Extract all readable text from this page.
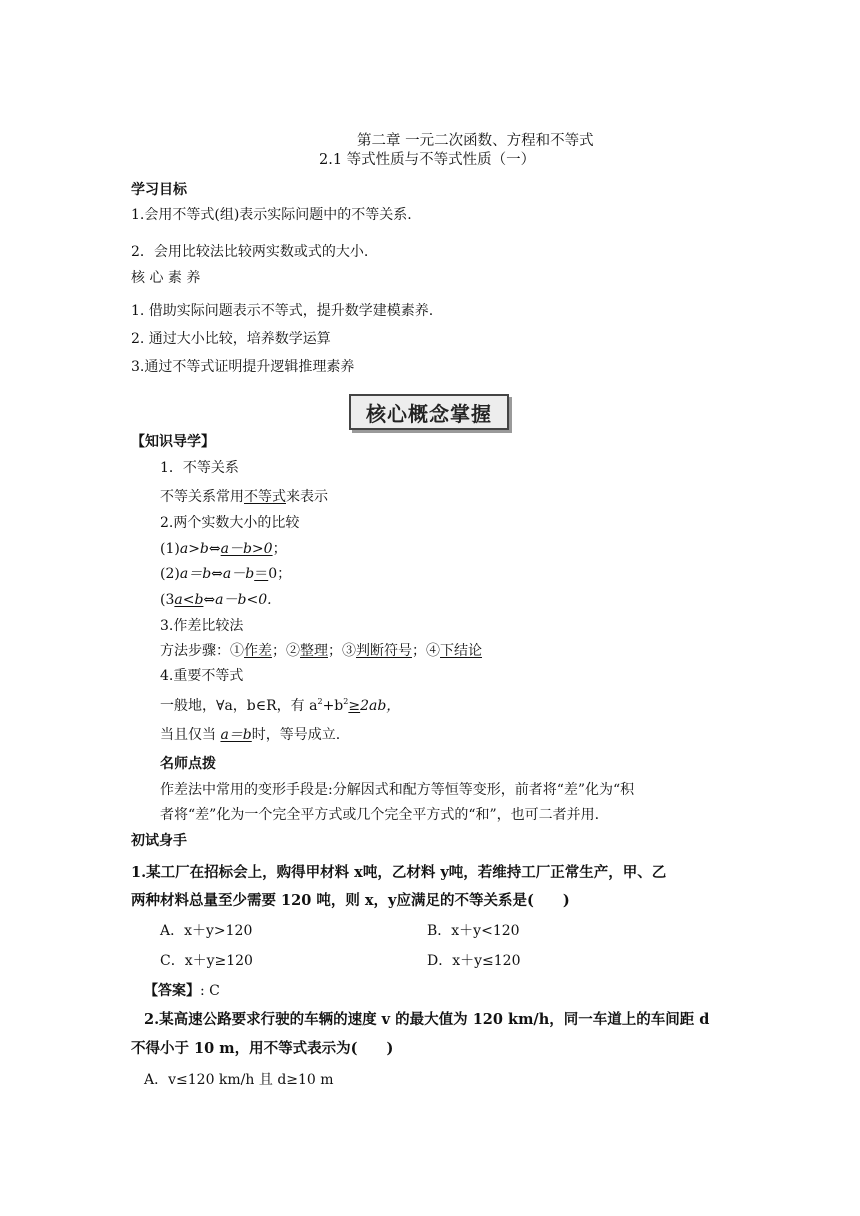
第二章 一元二次函数、方程和不等式
2.1 等式性质与不等式性质（一）
学习目标
1.会用不等式(组)表示实际问题中的不等关系.
2．会用比较法比较两实数或式的大小.
核 心 素 养
1. 借助实际问题表示不等式，提升数学建模素养.
2. 通过大小比较，培养数学运算
3.通过不等式证明提升逻辑推理素养
核心概念掌握
【知识导学】
1．不等关系
不等关系常用不等式来表示
2.两个实数大小的比较
(1)a>b⇔a－b>0；
(2)a＝b⇔a－b＝0；
(3a<b⇔a－b<0.
3.作差比较法
方法步骤：①作差；②整理；③判断符号；④下结论
4.重要不等式
一般地，∀a，b∈R，有 $a^2+b^2\ge 2ab$，
当且仅当 a＝b时，等号成立.
名师点拨
作差法中常用的变形手段是:分解因式和配方等恒等变形，前者将“差”化为“积
者将“差”化为一个完全平方式或几个完全平方式的“和”，也可二者并用.
初试身手
1.某工厂在招标会上，购得甲材料 x吨，乙材料 y吨，若维持工厂正常生产，甲、乙
两种材料总量至少需要 120 吨，则 x，y应满足的不等关系是(　　)
A．x＋y>120	B．x＋y<120
C．x＋y≥120	D．x＋y≤120
【答案】: C
2.某高速公路要求行驶的车辆的速度 v 的最大值为 120 km/h，同一车道上的车间距 d
不得小于 10 m，用不等式表示为(　　)
A．v≤120 km/h 且 d≥10 m
